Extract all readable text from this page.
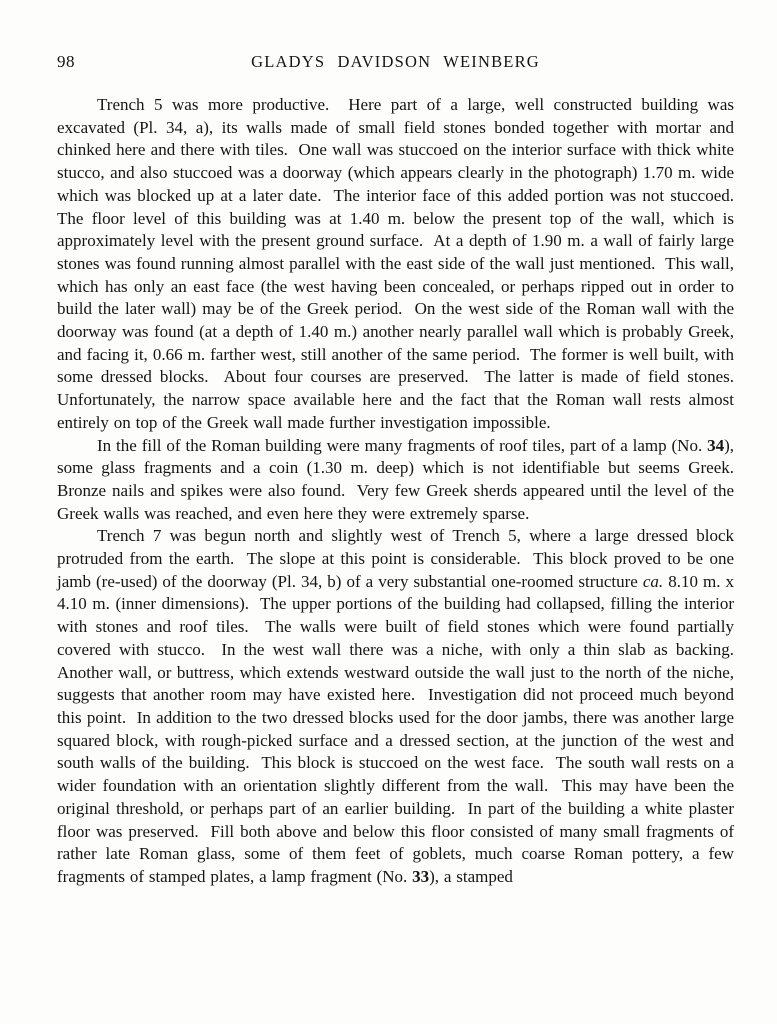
98	GLADYS DAVIDSON WEINBERG

Trench 5 was more productive.  Here part of a large, well constructed building was excavated (Pl. 34, a), its walls made of small field stones bonded together with mortar and chinked here and there with tiles.  One wall was stuccoed on the interior surface with thick white stucco, and also stuccoed was a doorway (which appears clearly in the photograph) 1.70 m. wide which was blocked up at a later date.  The interior face of this added portion was not stuccoed.  The floor level of this building was at 1.40 m. below the present top of the wall, which is approximately level with the present ground surface.  At a depth of 1.90 m. a wall of fairly large stones was found running almost parallel with the east side of the wall just mentioned.  This wall, which has only an east face (the west having been concealed, or perhaps ripped out in order to build the later wall) may be of the Greek period.  On the west side of the Roman wall with the doorway was found (at a depth of 1.40 m.) another nearly parallel wall which is probably Greek, and facing it, 0.66 m. farther west, still another of the same period.  The former is well built, with some dressed blocks.  About four courses are preserved.  The latter is made of field stones.  Unfortunately, the narrow space available here and the fact that the Roman wall rests almost entirely on top of the Greek wall made further investigation impossible.

In the fill of the Roman building were many fragments of roof tiles, part of a lamp (No. 34), some glass fragments and a coin (1.30 m. deep) which is not identifiable but seems Greek.  Bronze nails and spikes were also found.  Very few Greek sherds appeared until the level of the Greek walls was reached, and even here they were extremely sparse.

Trench 7 was begun north and slightly west of Trench 5, where a large dressed block protruded from the earth.  The slope at this point is considerable.  This block proved to be one jamb (re-used) of the doorway (Pl. 34, b) of a very substantial one-roomed structure ca. 8.10 m. x 4.10 m. (inner dimensions).  The upper portions of the building had collapsed, filling the interior with stones and roof tiles.  The walls were built of field stones which were found partially covered with stucco.  In the west wall there was a niche, with only a thin slab as backing.  Another wall, or buttress, which extends westward outside the wall just to the north of the niche, suggests that another room may have existed here.  Investigation did not proceed much beyond this point.  In addition to the two dressed blocks used for the door jambs, there was another large squared block, with rough-picked surface and a dressed section, at the junction of the west and south walls of the building.  This block is stuccoed on the west face.  The south wall rests on a wider foundation with an orientation slightly different from the wall.  This may have been the original threshold, or perhaps part of an earlier building.  In part of the building a white plaster floor was preserved.  Fill both above and below this floor consisted of many small fragments of rather late Roman glass, some of them feet of goblets, much coarse Roman pottery, a few fragments of stamped plates, a lamp fragment (No. 33), a stamped
